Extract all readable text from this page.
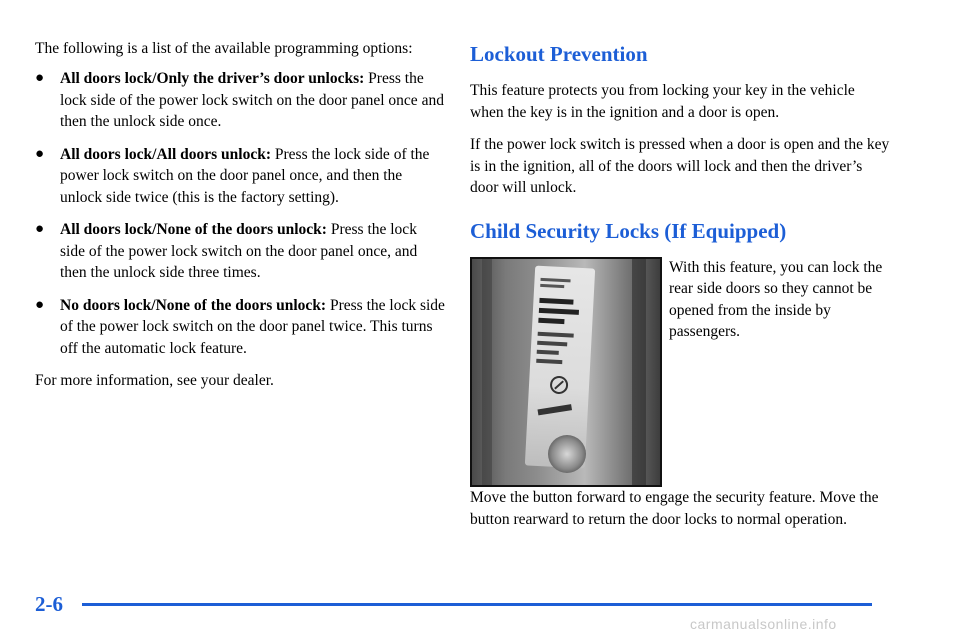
The following is a list of the available programming options:

● All doors lock/Only the driver’s door unlocks: Press the lock side of the power lock switch on the door panel once and then the unlock side once.
● All doors lock/All doors unlock: Press the lock side of the power lock switch on the door panel once, and then the unlock side twice (this is the factory setting).
● All doors lock/None of the doors unlock: Press the lock side of the power lock switch on the door panel once, and then the unlock side three times.
● No doors lock/None of the doors unlock: Press the lock side of the power lock switch on the door panel twice. This turns off the automatic lock feature.

For more information, see your dealer.

Lockout Prevention

This feature protects you from locking your key in the vehicle when the key is in the ignition and a door is open.

If the power lock switch is pressed when a door is open and the key is in the ignition, all of the doors will lock and then the driver’s door will unlock.

Child Security Locks (If Equipped)
With this feature, you can lock the rear side doors so they cannot be opened from the inside by passengers.
Move the button forward to engage the security feature. Move the button rearward to return the door locks to normal operation.
2-6
carmanualsonline.info
